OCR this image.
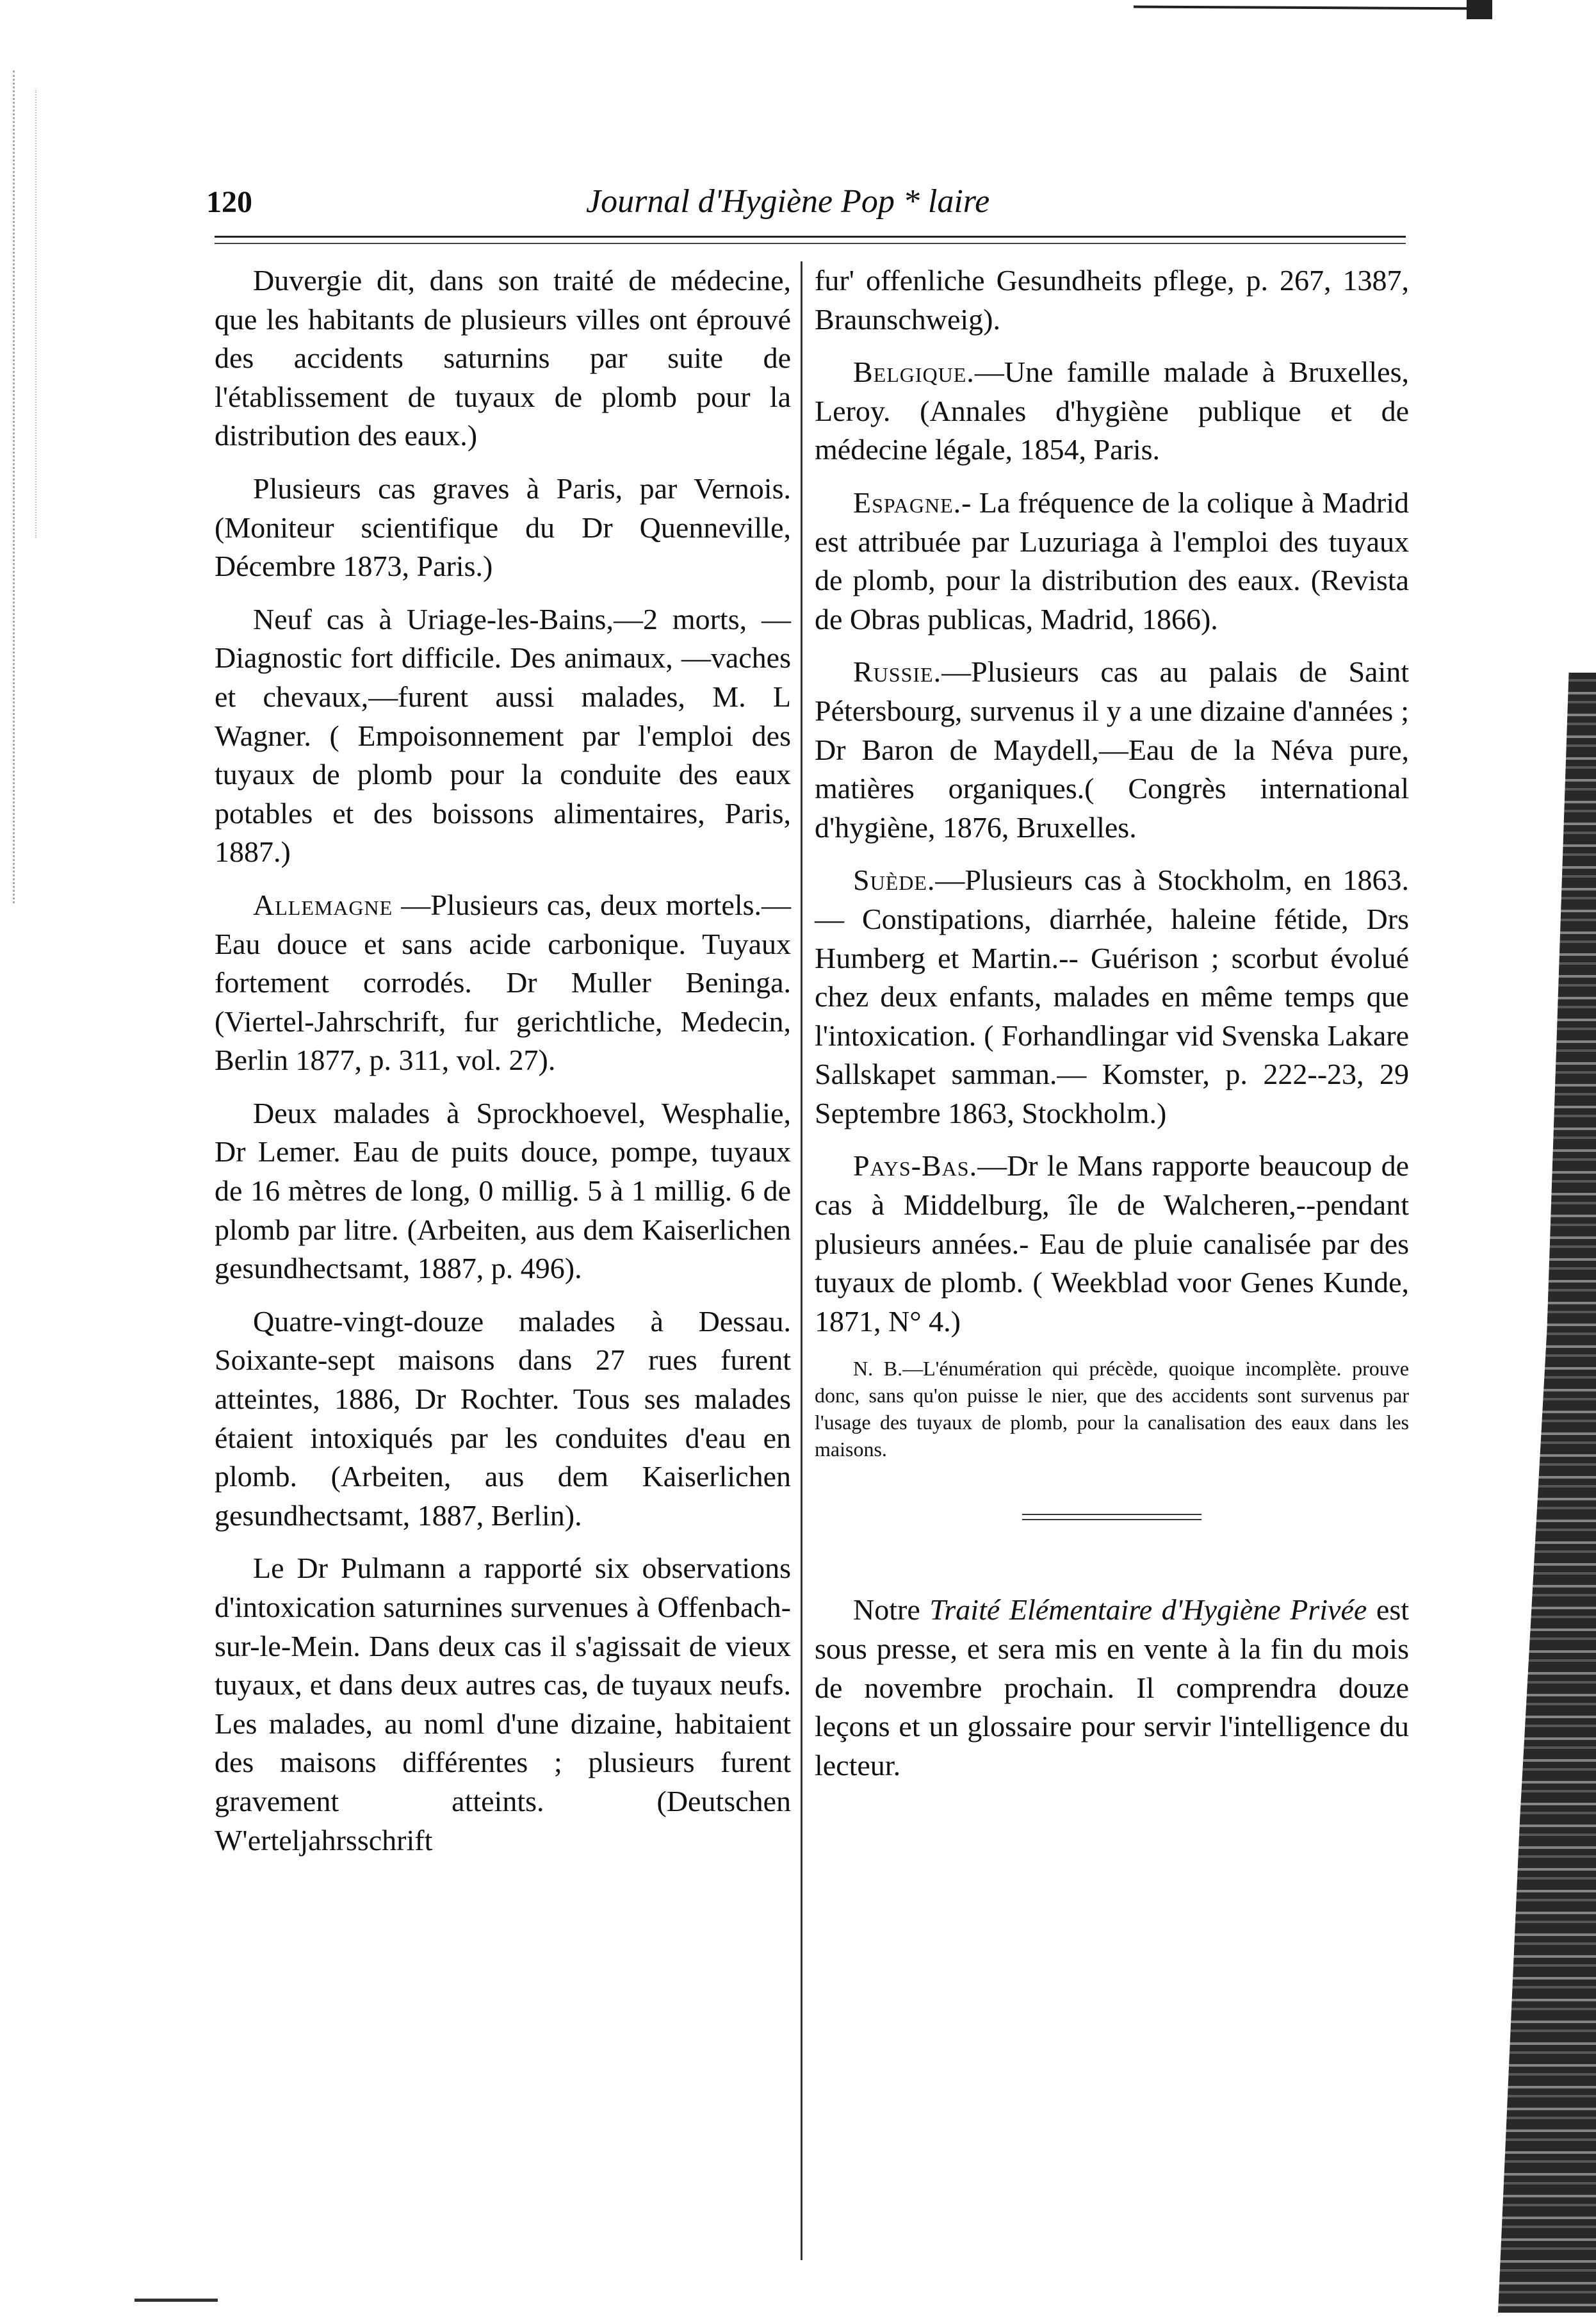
120	Journal d'Hygiène Pop * laire

Duvergie dit, dans son traité de médecine, que les habitants de plusieurs villes ont éprouvé des accidents saturnins par suite de l'établissement de tuyaux de plomb pour la distribution des eaux.)

Plusieurs cas graves à Paris, par Vernois. (Moniteur scientifique du Dr Quenneville, Décembre 1873, Paris.)

Neuf cas à Uriage-les-Bains,—2 morts, —Diagnostic fort difficile. Des animaux, —vaches et chevaux,—furent aussi malades, M. L Wagner. ( Empoisonnement par l'emploi des tuyaux de plomb pour la conduite des eaux potables et des boissons alimentaires, Paris, 1887.)

Allemagne —Plusieurs cas, deux mortels.—Eau douce et sans acide carbonique. Tuyaux fortement corrodés. Dr Muller Beninga. (Viertel-Jahrschrift, fur gerichtliche, Medecin, Berlin 1877, p. 311, vol. 27).

Deux malades à Sprockhoevel, Wesphalie, Dr Lemer. Eau de puits douce, pompe, tuyaux de 16 mètres de long, 0 millig. 5 à 1 millig. 6 de plomb par litre. (Arbeiten, aus dem Kaiserlichen gesundhectsamt, 1887, p. 496).

Quatre-vingt-douze malades à Dessau. Soixante-sept maisons dans 27 rues furent atteintes, 1886, Dr Rochter. Tous ses malades étaient intoxiqués par les conduites d'eau en plomb. (Arbeiten, aus dem Kaiserlichen gesundhectsamt, 1887, Berlin).

Le Dr Pulmann a rapporté six observations d'intoxication saturnines survenues à Offenbach-sur-le-Mein. Dans deux cas il s'agissait de vieux tuyaux, et dans deux autres cas, de tuyaux neufs. Les malades, au noml d'une dizaine, habitaient des maisons différentes ; plusieurs furent gravement atteints. (Deutschen W'erteljahrsschrift

fur' offenliche Gesundheits pflege, p. 267, 1387, Braunschweig).

Belgique.—Une famille malade à Bruxelles, Leroy. (Annales d'hygiène publique et de médecine légale, 1854, Paris.

Espagne.- La fréquence de la colique à Madrid est attribuée par Luzuriaga à l'emploi des tuyaux de plomb, pour la distribution des eaux. (Revista de Obras publicas, Madrid, 1866).

Russie.—Plusieurs cas au palais de Saint Pétersbourg, survenus il y a une dizaine d'années ; Dr Baron de Maydell,—Eau de la Néva pure, matières organiques.( Congrès international d'hygiène, 1876, Bruxelles.

Suède.—Plusieurs cas à Stockholm, en 1863.— Constipations, diarrhée, haleine fétide, Drs Humberg et Martin.-- Guérison ; scorbut évolué chez deux enfants, malades en même temps que l'intoxication. ( Forhandlingar vid Svenska Lakare Sallskapet samman.— Komster, p. 222--23, 29 Septembre 1863, Stockholm.)

Pays-Bas.—Dr le Mans rapporte beaucoup de cas à Middelburg, île de Walcheren,--pendant plusieurs années.- Eau de pluie canalisée par des tuyaux de plomb. ( Weekblad voor Genes Kunde, 1871, N° 4.)

N. B.—L'énumération qui précède, quoique incomplète. prouve donc, sans qu'on puisse le nier, que des accidents sont survenus par l'usage des tuyaux de plomb, pour la canalisation des eaux dans les maisons.

Notre Traité Elémentaire d'Hygiène Privée est sous presse, et sera mis en vente à la fin du mois de novembre prochain. Il comprendra douze leçons et un glossaire pour servir l'intelligence du lecteur.
